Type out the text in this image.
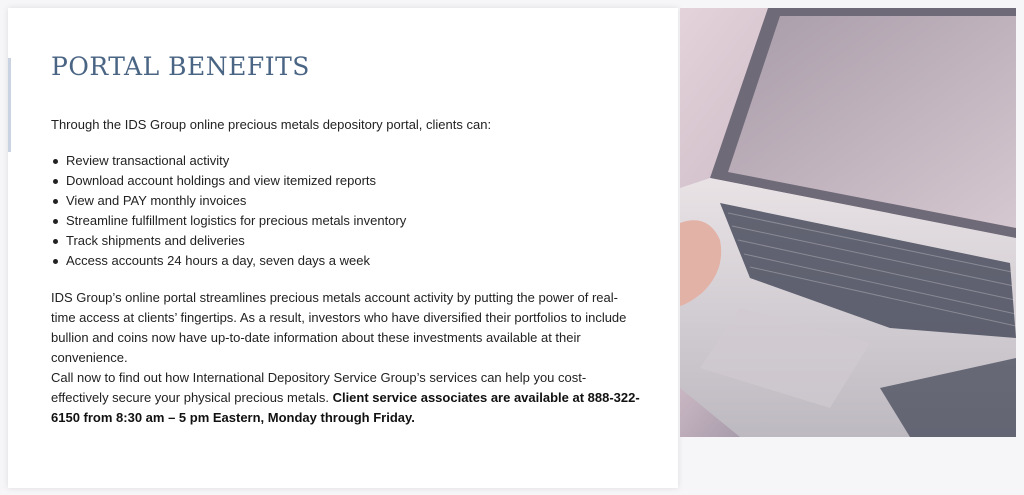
PORTAL BENEFITS

Through the IDS Group online precious metals depository portal, clients can:

Review transactional activity
Download account holdings and view itemized reports
View and PAY monthly invoices
Streamline fulfillment logistics for precious metals inventory
Track shipments and deliveries
Access accounts 24 hours a day, seven days a week

IDS Group’s online portal streamlines precious metals account activity by putting the power of real-time access at clients’ fingertips. As a result, investors who have diversified their portfolios to include bullion and coins now have up-to-date information about these investments available at their convenience.

Call now to find out how International Depository Service Group’s services can help you cost-effectively secure your physical precious metals. Client service associates are available at 888-322-6150 from 8:30 am – 5 pm Eastern, Monday through Friday.
